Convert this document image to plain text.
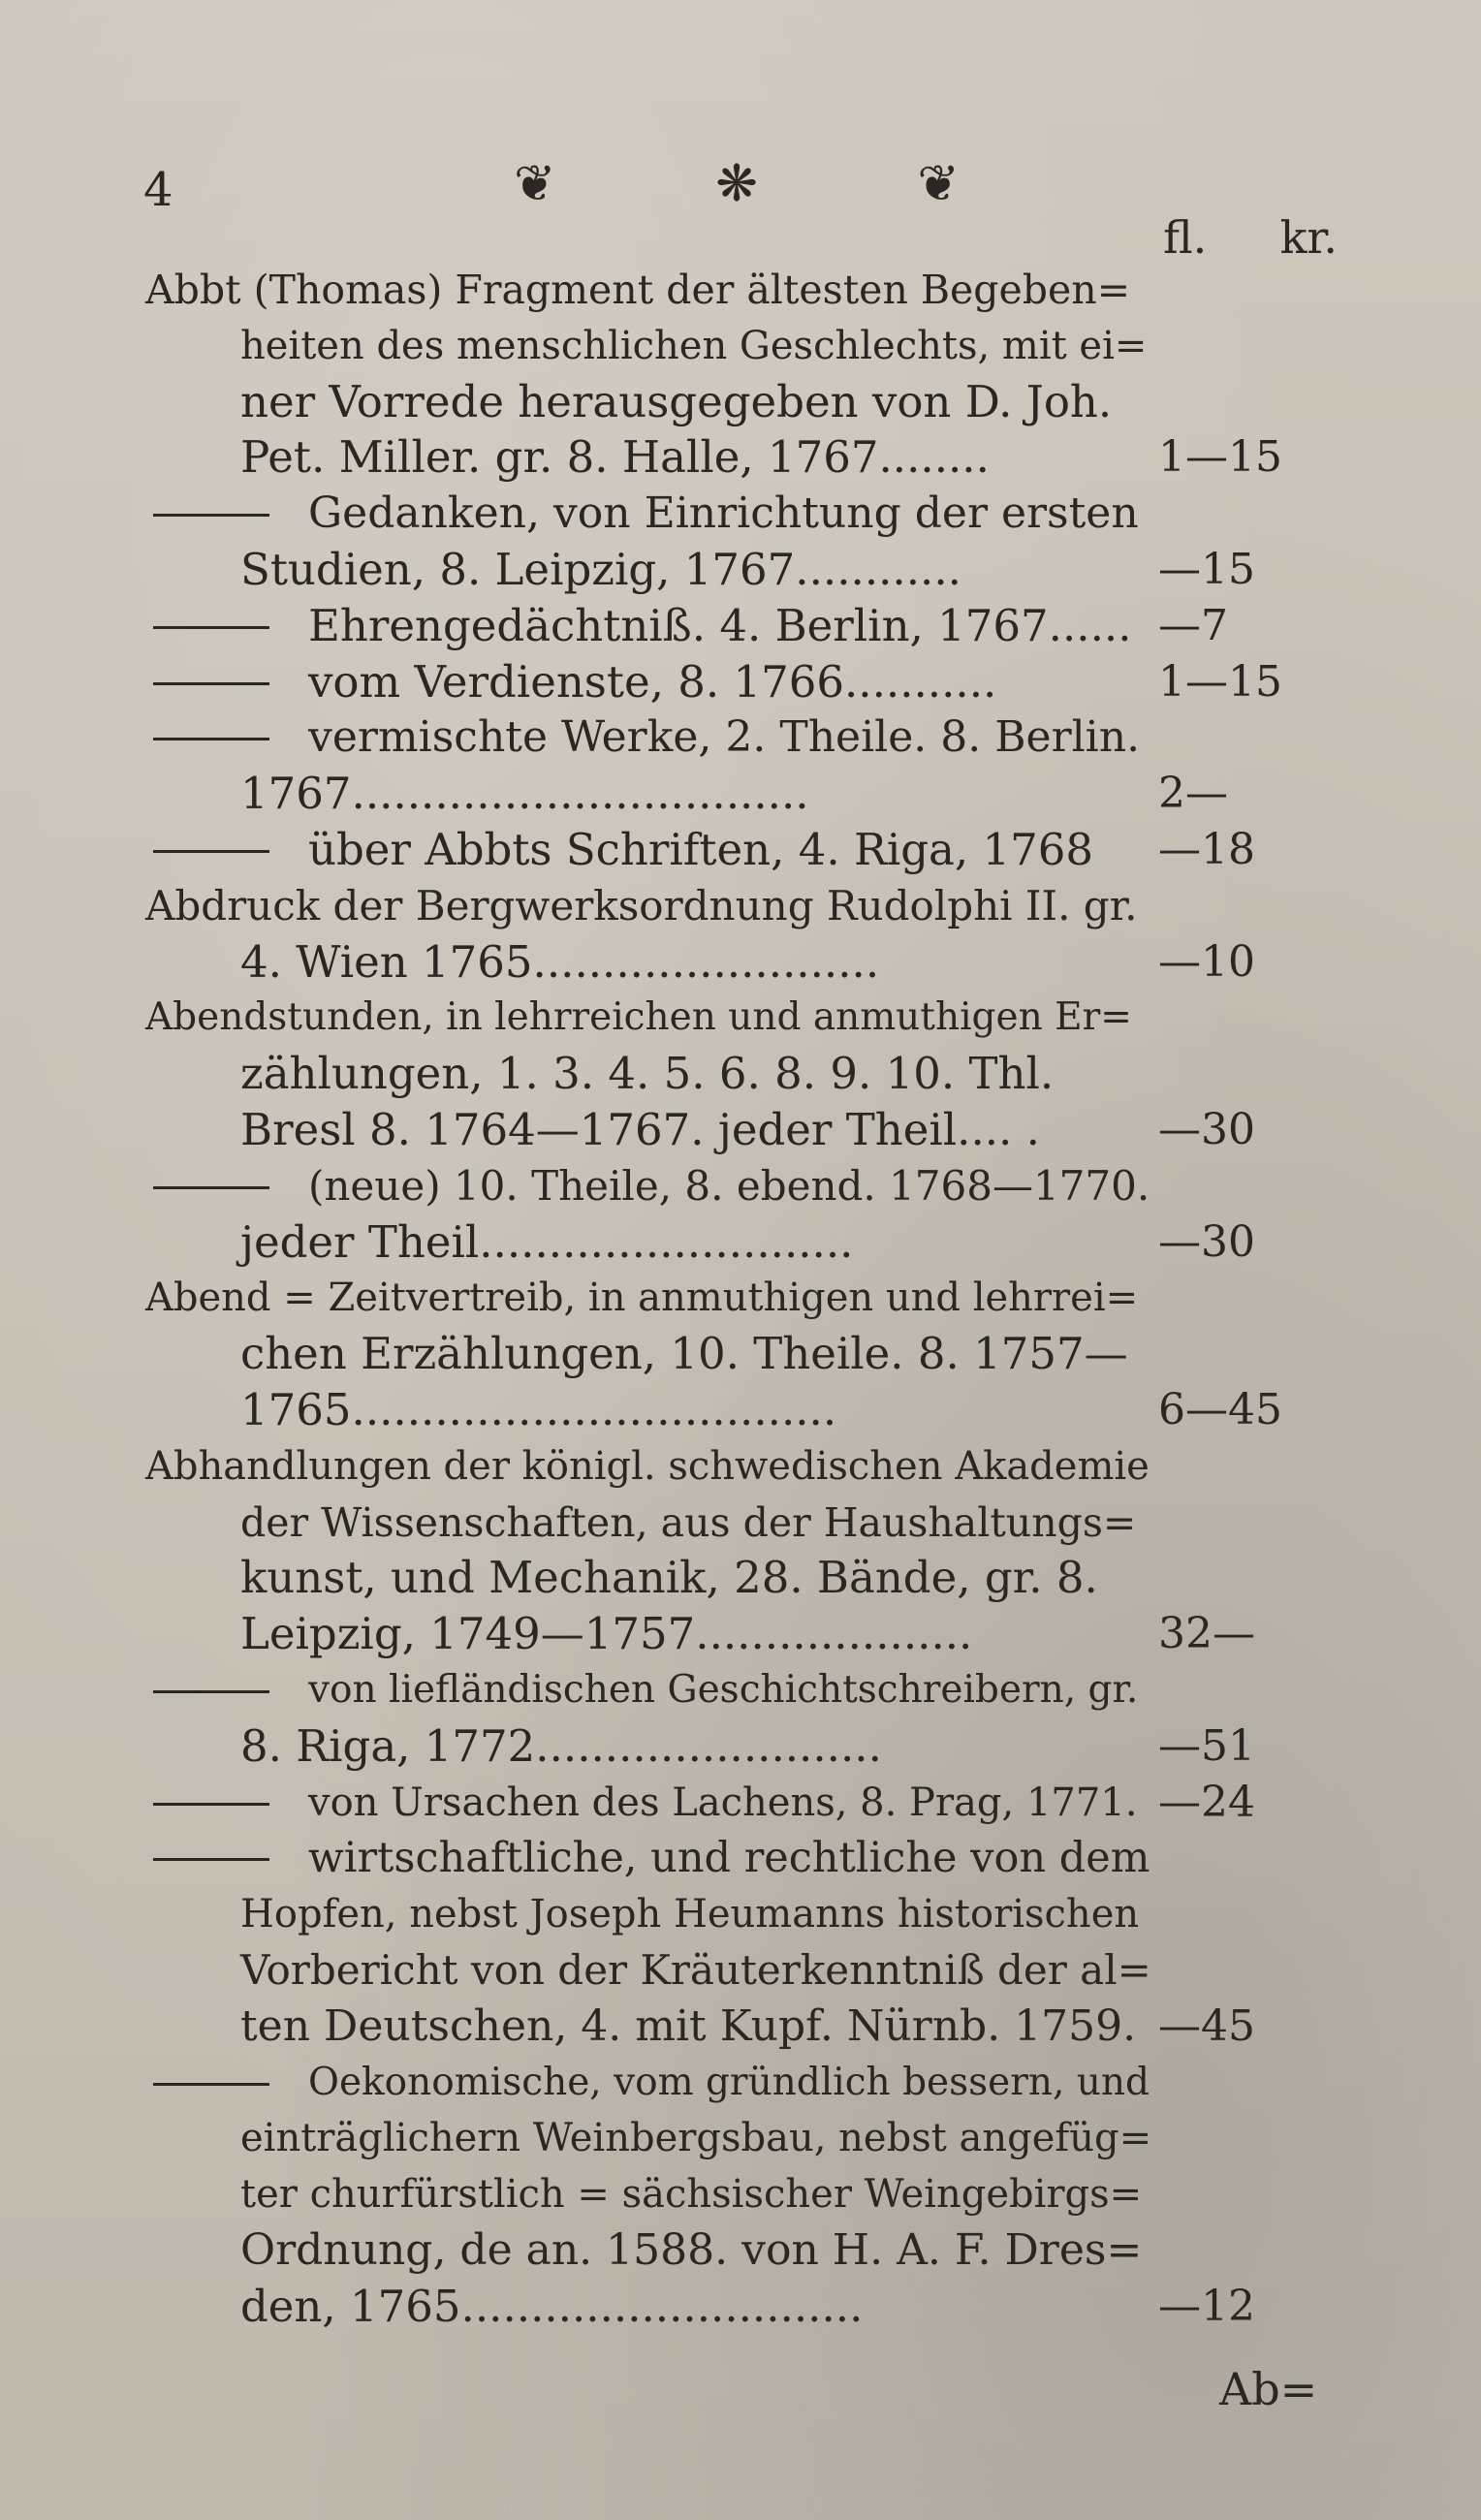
4	❦	❋	❦
fl. kr.
Abbt (Thomas) Fragment der ältesten Begeben=
heiten des menschlichen Geschlechts, mit ei=
ner Vorrede herausgegeben von D. Joh.
Pet. Miller. gr. 8. Halle, 1767........	1—15
Gedanken, von Einrichtung der ersten
Studien, 8. Leipzig, 1767............	—15
Ehrengedächtniß. 4. Berlin, 1767...... —7
vom Verdienste, 8. 1766...........	1—15
vermischte Werke, 2. Theile. 8. Berlin.
1767.................................	2—
über Abbts Schriften, 4. Riga, 1768 —18
Abdruck der Bergwerksordnung Rudolphi II. gr.
4. Wien 1765.........................	—10
Abendstunden, in lehrreichen und anmuthigen Er=
zählungen, 1. 3. 4. 5. 6. 8. 9. 10. Thl.
Bresl 8. 1764—1767. jeder Theil.... .	—30
(neue) 10. Theile, 8. ebend. 1768—1770.
jeder Theil...........................	—30
Abend = Zeitvertreib, in anmuthigen und lehrrei=
chen Erzählungen, 10. Theile. 8. 1757—
1765...................................	6—45
Abhandlungen der königl. schwedischen Akademie
der Wissenschaften, aus der Haushaltungs=
kunst, und Mechanik, 28. Bände, gr. 8.
Leipzig, 1749—1757....................	32—
von liefländischen Geschichtschreibern, gr.
8. Riga, 1772.........................	—51
von Ursachen des Lachens, 8. Prag, 1771. —24
wirtschaftliche, und rechtliche von dem
Hopfen, nebst Joseph Heumanns historischen
Vorbericht von der Kräuterkenntniß der al=
ten Deutschen, 4. mit Kupf. Nürnb. 1759. —45
Oekonomische, vom gründlich bessern, und
einträglichern Weinbergsbau, nebst angefüg=
ter churfürstlich = sächsischer Weingebirgs=
Ordnung, de an. 1588. von H. A. F. Dres=
den, 1765.............................	—12
Ab=
